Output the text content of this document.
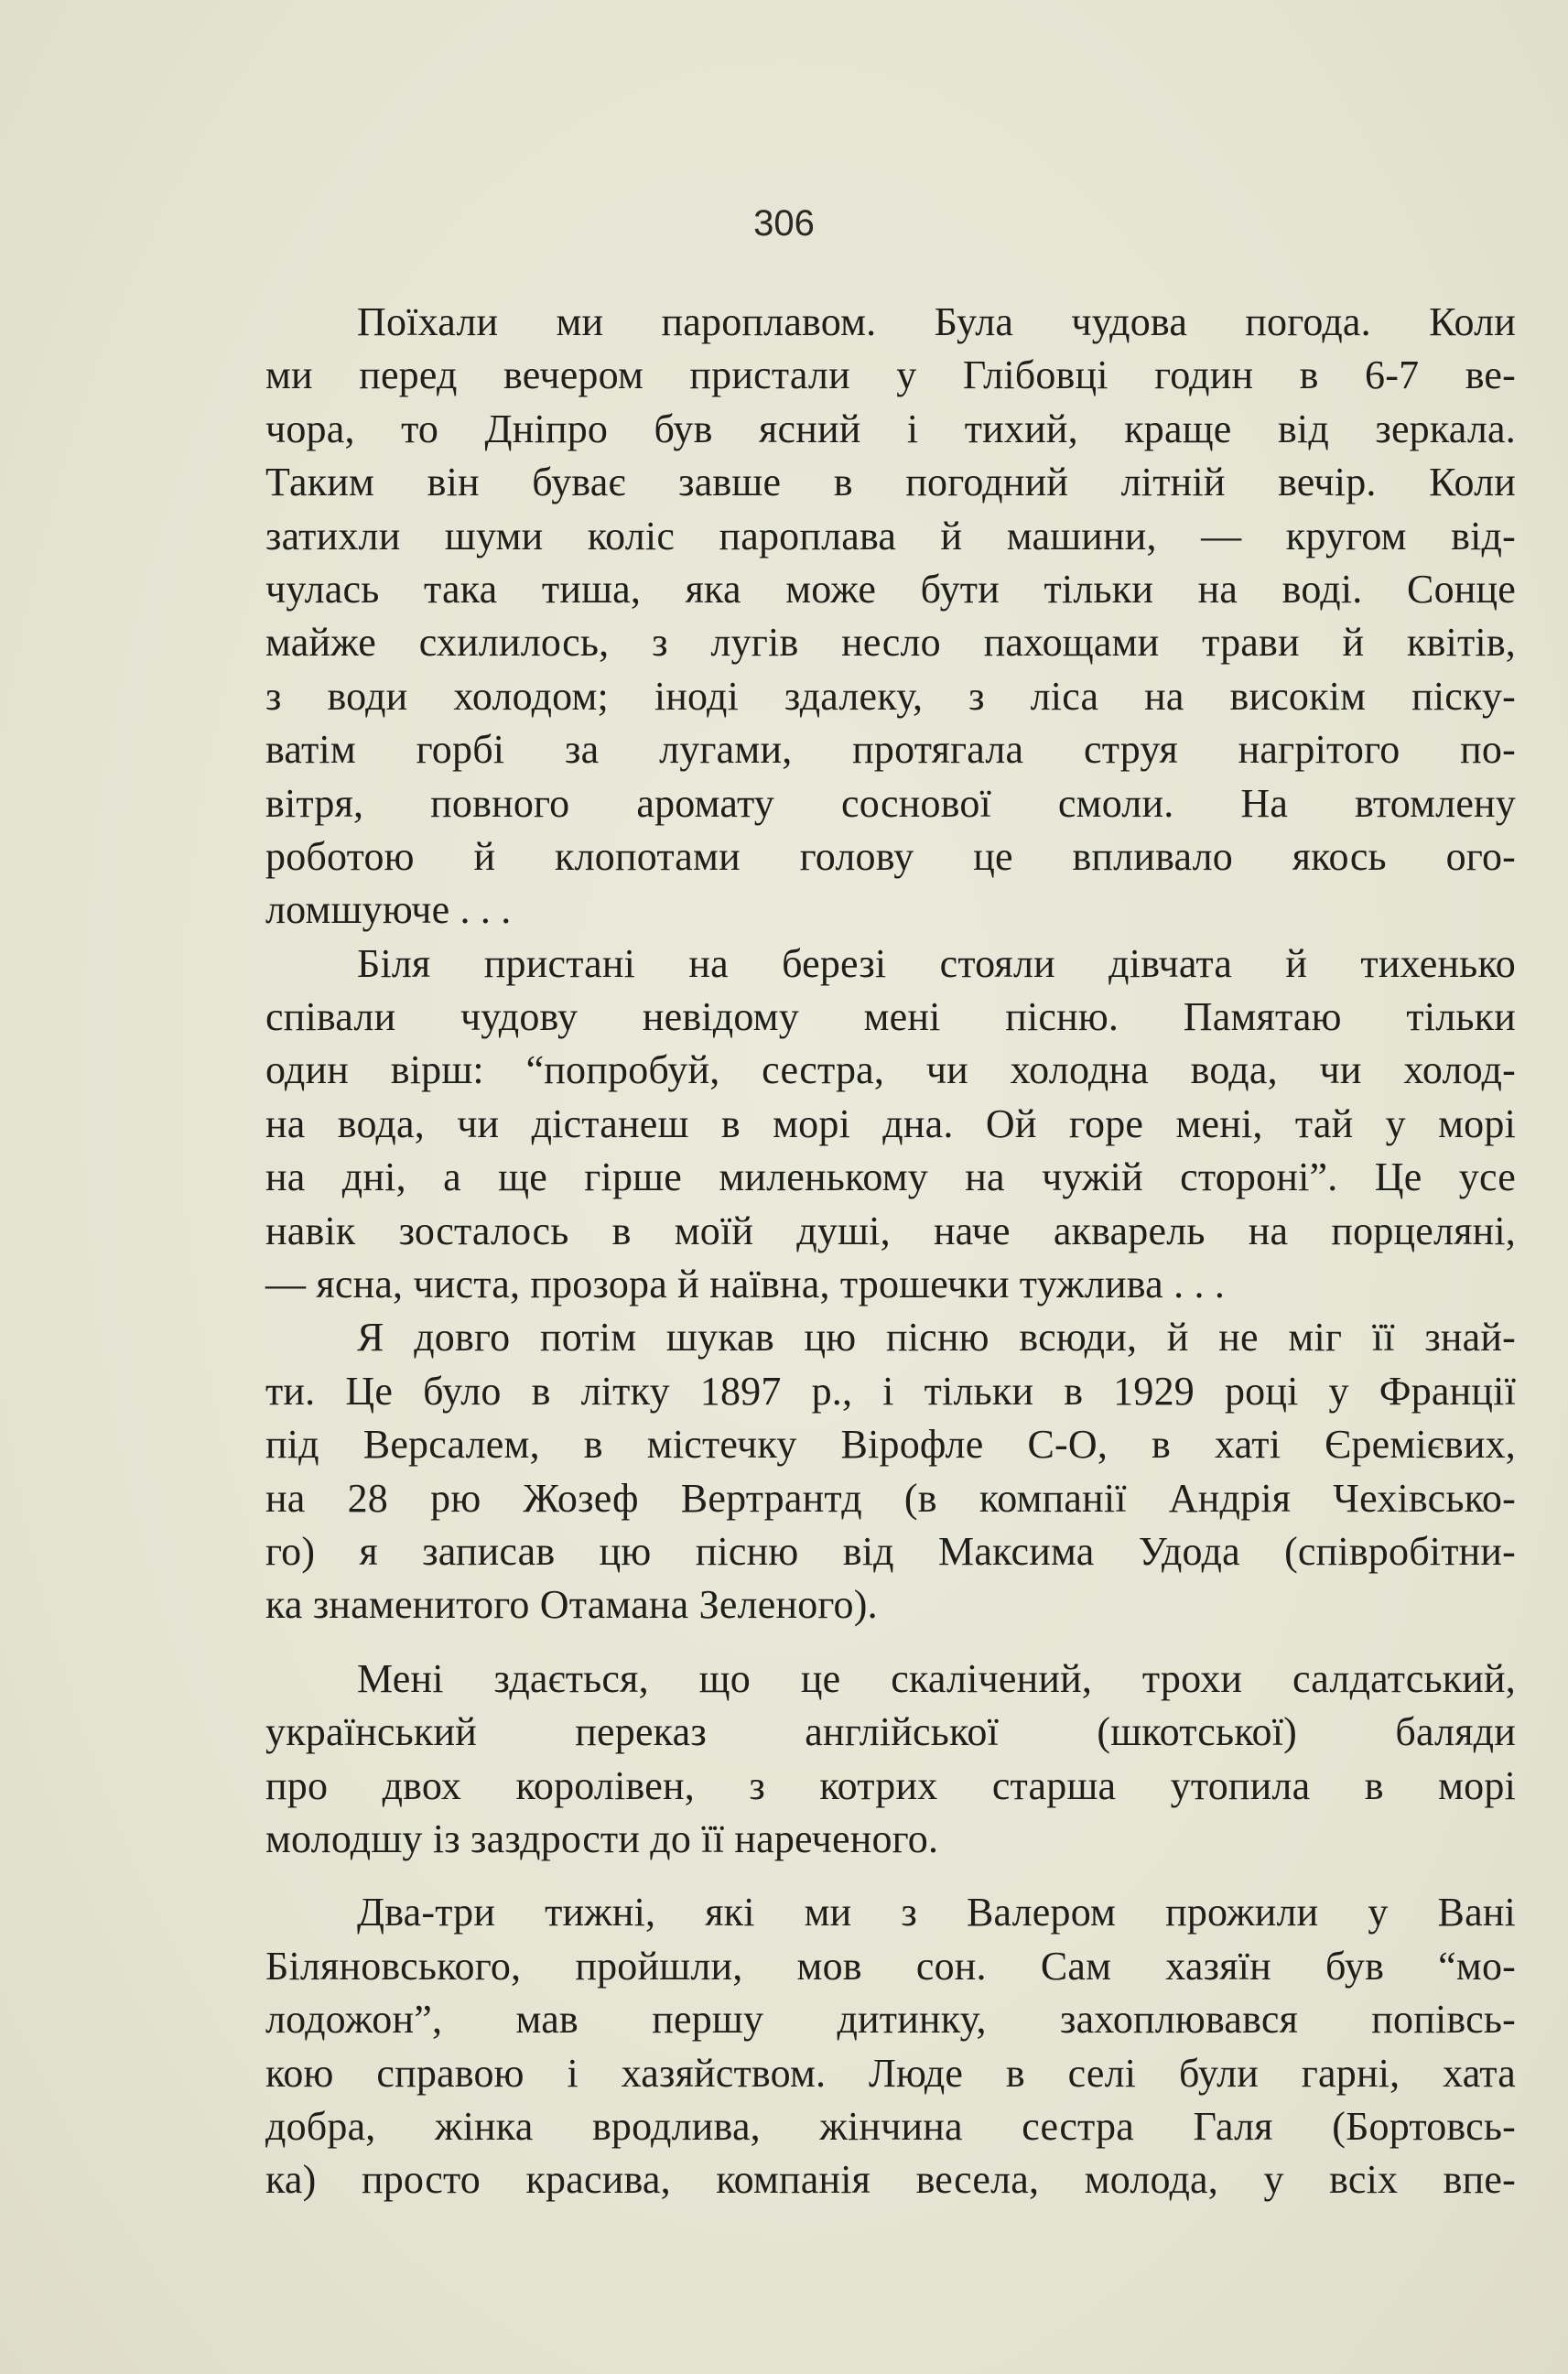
306
Поїхали ми пароплавом. Була чудова погода. Коли
ми перед вечером пристали у Глібовці годин в 6-7 ве-
чора, то Дніпро був ясний і тихий, краще від зеркала.
Таким він буває завше в погодний літній вечір. Коли
затихли шуми коліс пароплава й машини, — кругом від-
чулась така тиша, яка може бути тільки на воді. Сонце
майже схилилось, з лугів несло пахощами трави й квітів,
з води холодом; іноді здалеку, з ліса на високім піску-
ватім горбі за лугами, протягала струя нагрітого по-
вітря, повного аромату соснової смоли. На втомлену
роботою й клопотами голову це впливало якось ого-
ломшуюче . . .
Біля пристані на березі стояли дівчата й тихенько
співали чудову невідому мені пісню. Памятаю тільки
один вірш: “попробуй, сестра, чи холодна вода, чи холод-
на вода, чи дістанеш в морі дна. Ой горе мені, тай у морі
на дні, а ще гірше миленькому на чужій стороні”. Це усе
навік зосталось в моїй душі, наче акварель на порцеляні,
— ясна, чиста, прозора й наївна, трошечки тужлива . . .
Я довго потім шукав цю пісню всюди, й не міг її знай-
ти. Це було в літку 1897 р., і тільки в 1929 році у Франції
під Версалем, в містечку Вірофле С-О, в хаті Єремієвих,
на 28 рю Жозеф Вертрантд (в компанії Андрія Чехівсько-
го) я записав цю пісню від Максима Удода (співробітни-
ка знаменитого Отамана Зеленого).
Мені здається, що це скалічений, трохи салдатський,
український переказ англійської (шкотської) баляди
про двох королівен, з котрих старша утопила в морі
молодшу із заздрости до її нареченого.
Два-три тижні, які ми з Валером прожили у Вані
Біляновського, пройшли, мов сон. Сам хазяїн був “мо-
лодожон”, мав першу дитинку, захоплювався попівсь-
кою справою і хазяйством. Люде в селі були гарні, хата
добра, жінка вродлива, жінчина сестра Галя (Бортовсь-
ка) просто красива, компанія весела, молода, у всіх впе-
